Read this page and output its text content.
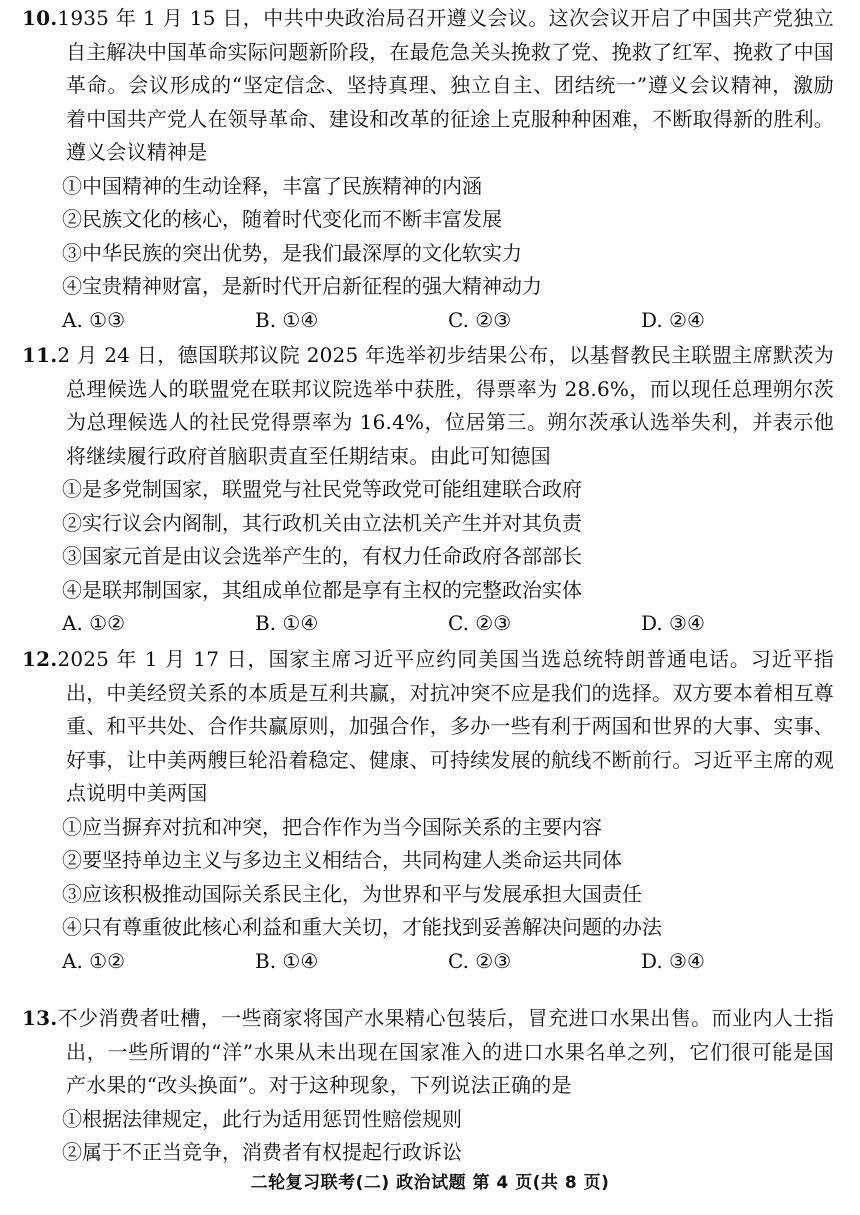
10.1935 年 1 月 15 日，中共中央政治局召开遵义会议。这次会议开启了中国共产党独立自主解决中国革命实际问题新阶段，在最危急关头挽救了党、挽救了红军、挽救了中国革命。会议形成的“坚定信念、坚持真理、独立自主、团结统一”遵义会议精神，激励着中国共产党人在领导革命、建设和改革的征途上克服种种困难，不断取得新的胜利。遵义会议精神是

①中国精神的生动诠释，丰富了民族精神的内涵

②民族文化的核心，随着时代变化而不断丰富发展

③中华民族的突出优势，是我们最深厚的文化软实力

④宝贵精神财富，是新时代开启新征程的强大精神动力

A. ①③	B. ①④	C. ②③	D. ②④

11.2 月 24 日，德国联邦议院 2025 年选举初步结果公布，以基督教民主联盟主席默茨为总理候选人的联盟党在联邦议院选举中获胜，得票率为 28.6%，而以现任总理朔尔茨为总理候选人的社民党得票率为 16.4%，位居第三。朔尔茨承认选举失利，并表示他将继续履行政府首脑职责直至任期结束。由此可知德国

①是多党制国家，联盟党与社民党等政党可能组建联合政府

②实行议会内阁制，其行政机关由立法机关产生并对其负责

③国家元首是由议会选举产生的，有权力任命政府各部部长

④是联邦制国家，其组成单位都是享有主权的完整政治实体

A. ①②	B. ①④	C. ②③	D. ③④

12.2025 年 1 月 17 日，国家主席习近平应约同美国当选总统特朗普通电话。习近平指出，中美经贸关系的本质是互利共赢，对抗冲突不应是我们的选择。双方要本着相互尊重、和平共处、合作共赢原则，加强合作，多办一些有利于两国和世界的大事、实事、好事，让中美两艘巨轮沿着稳定、健康、可持续发展的航线不断前行。习近平主席的观点说明中美两国

①应当摒弃对抗和冲突，把合作作为当今国际关系的主要内容

②要坚持单边主义与多边主义相结合，共同构建人类命运共同体

③应该积极推动国际关系民主化，为世界和平与发展承担大国责任

④只有尊重彼此核心利益和重大关切，才能找到妥善解决问题的办法

A. ①②	B. ①④	C. ②③	D. ③④

13.不少消费者吐槽，一些商家将国产水果精心包装后，冒充进口水果出售。而业内人士指出，一些所谓的“洋”水果从未出现在国家准入的进口水果名单之列，它们很可能是国产水果的“改头换面”。对于这种现象，下列说法正确的是

①根据法律规定，此行为适用惩罚性赔偿规则

②属于不正当竞争，消费者有权提起行政诉讼

二轮复习联考(二) 政治试题 第 4 页(共 8 页)
